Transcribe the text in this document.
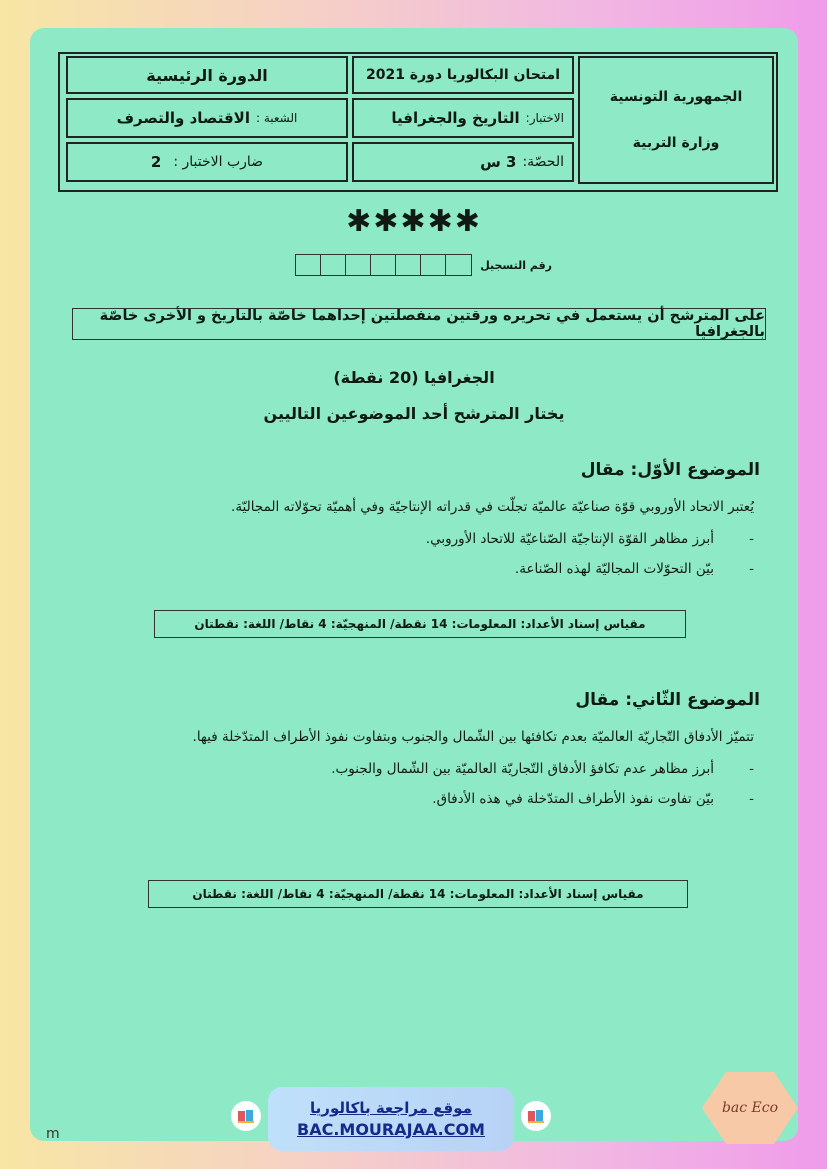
الجمهورية التونسية
وزارة التربية
امتحان البكالوريا دورة 2021
الاختبار:
التاريخ والجغرافيا
الحصّة:
3 س
الدورة الرئيسية
الشعبة :
الاقتصاد والتصرف
ضارب الاختبار :
2
✱✱✱✱✱
رقم التسجيل
على المترشح أن يستعمل في تحريره ورقتين منفصلتين إحداهما خاصّة بالتاريخ و الأخرى خاصّة بالجغرافيا
الجغرافيا (20 نقطة)
يختار المترشح أحد الموضوعين التاليين
الموضوع الأوّل: مقال
يُعتبر الاتحاد الأوروبي قوّة صناعيّة عالميّة تجلّت في قدراته الإنتاجيّة وفي أهميّة تحوّلاته المجاليّة.
-
أبرز مظاهر القوّة الإنتاجيّة الصّناعيّة للاتحاد الأوروبي.
-
بيّن التحوّلات المجاليّة لهذه الصّناعة.
مقياس إسناد الأعداد: المعلومات: 14 نقطة/ المنهجيّة: 4 نقاط/ اللغة: نقطتان
الموضوع الثّاني: مقال
تتميّز الأدفاق التّجاريّة العالميّة بعدم تكافئها بين الشّمال والجنوب وبتفاوت نفوذ الأطراف المتدّخلة فيها.
-
أبرز مظاهر عدم تكافؤ الأدفاق التّجاريّة العالميّة بين الشّمال والجنوب.
-
بيّن تفاوت نفوذ الأطراف المتدّخلة في هذه الأدفاق.
مقياس إسناد الأعداد: المعلومات: 14 نقطة/ المنهجيّة: 4 نقاط/ اللغة: نقطتان
m
موقع مراجعة باكالوريا
BAC.MOURAJAA.COM
bac Eco
